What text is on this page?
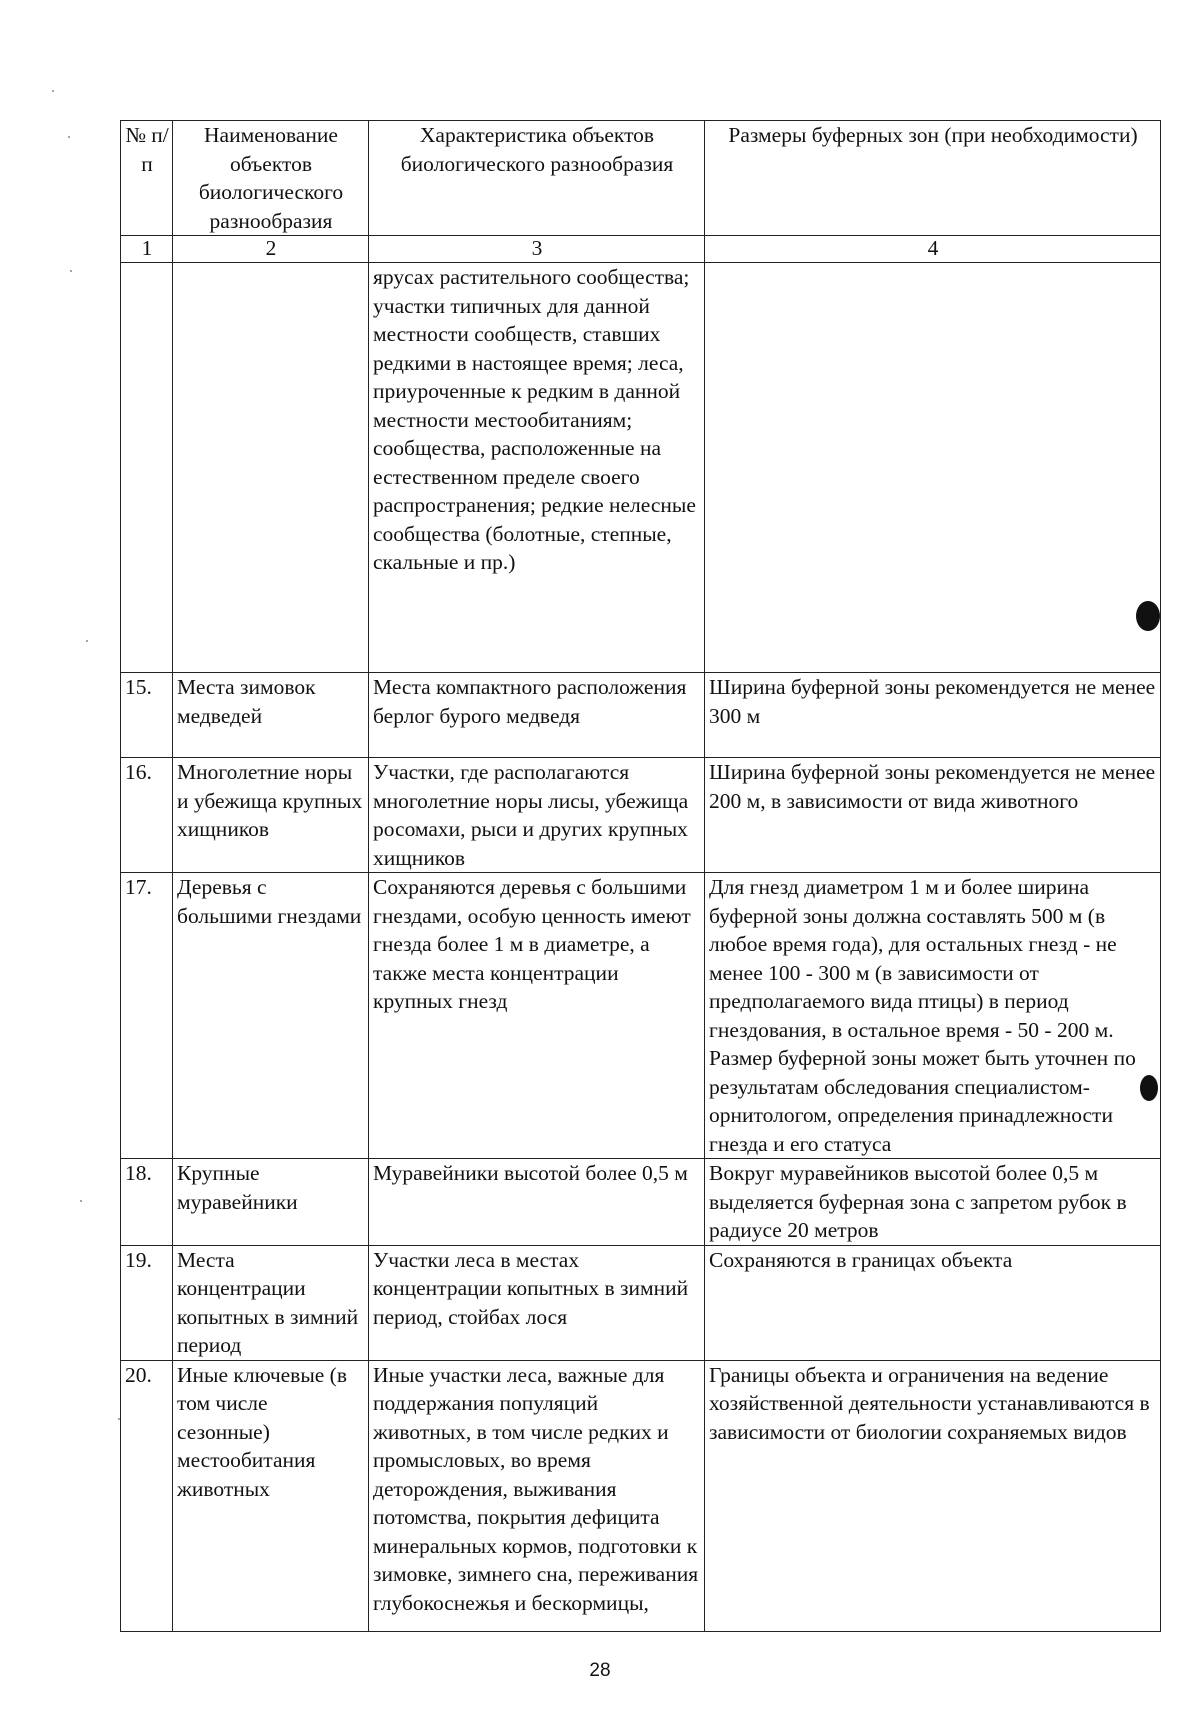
№ п/п	Наименование объектов биологического разнообразия	Характеристика объектов биологического разнообразия	Размеры буферных зон (при необходимости)
1	2	3	4
		ярусах растительного сообщества; участки типичных для данной местности сообществ, ставших редкими в настоящее время; леса, приуроченные к редким в данной местности местообитаниям; сообщества, расположенные на естественном пределе своего распространения; редкие нелесные сообщества (болотные, степные, скальные и пр.)	
15.	Места зимовок медведей	Места компактного расположения берлог бурого медведя	Ширина буферной зоны рекомендуется не менее 300 м
16.	Многолетние норы и убежища крупных хищников	Участки, где располагаются многолетние норы лисы, убежища росомахи, рыси и других крупных хищников	Ширина буферной зоны рекомендуется не менее 200 м, в зависимости от вида животного
17.	Деревья с большими гнездами	Сохраняются деревья с большими гнездами, особую ценность имеют гнезда более 1 м в диаметре, а также места концентрации крупных гнезд	Для гнезд диаметром 1 м и более ширина буферной зоны должна составлять 500 м (в любое время года), для остальных гнезд - не менее 100 - 300 м (в зависимости от предполагаемого вида птицы) в период гнездования, в остальное время - 50 - 200 м. Размер буферной зоны может быть уточнен по результатам обследования специалистом-орнитологом, определения принадлежности гнезда и его статуса
18.	Крупные муравейники	Муравейники высотой более 0,5 м	Вокруг муравейников высотой более 0,5 м выделяется буферная зона с запретом рубок в радиусе 20 метров
19.	Места концентрации копытных в зимний период	Участки леса в местах концентрации копытных в зимний период, стойбах лося	Сохраняются в границах объекта
20.	Иные ключевые (в том числе сезонные) местообитания животных	Иные участки леса, важные для поддержания популяций животных, в том числе редких и промысловых, во время деторождения, выживания потомства, покрытия дефицита минеральных кормов, подготовки к зимовке, зимнего сна, переживания глубокоснежья и бескормицы,	Границы объекта и ограничения на ведение хозяйственной деятельности устанавливаются в зависимости от биологии сохраняемых видов
28
